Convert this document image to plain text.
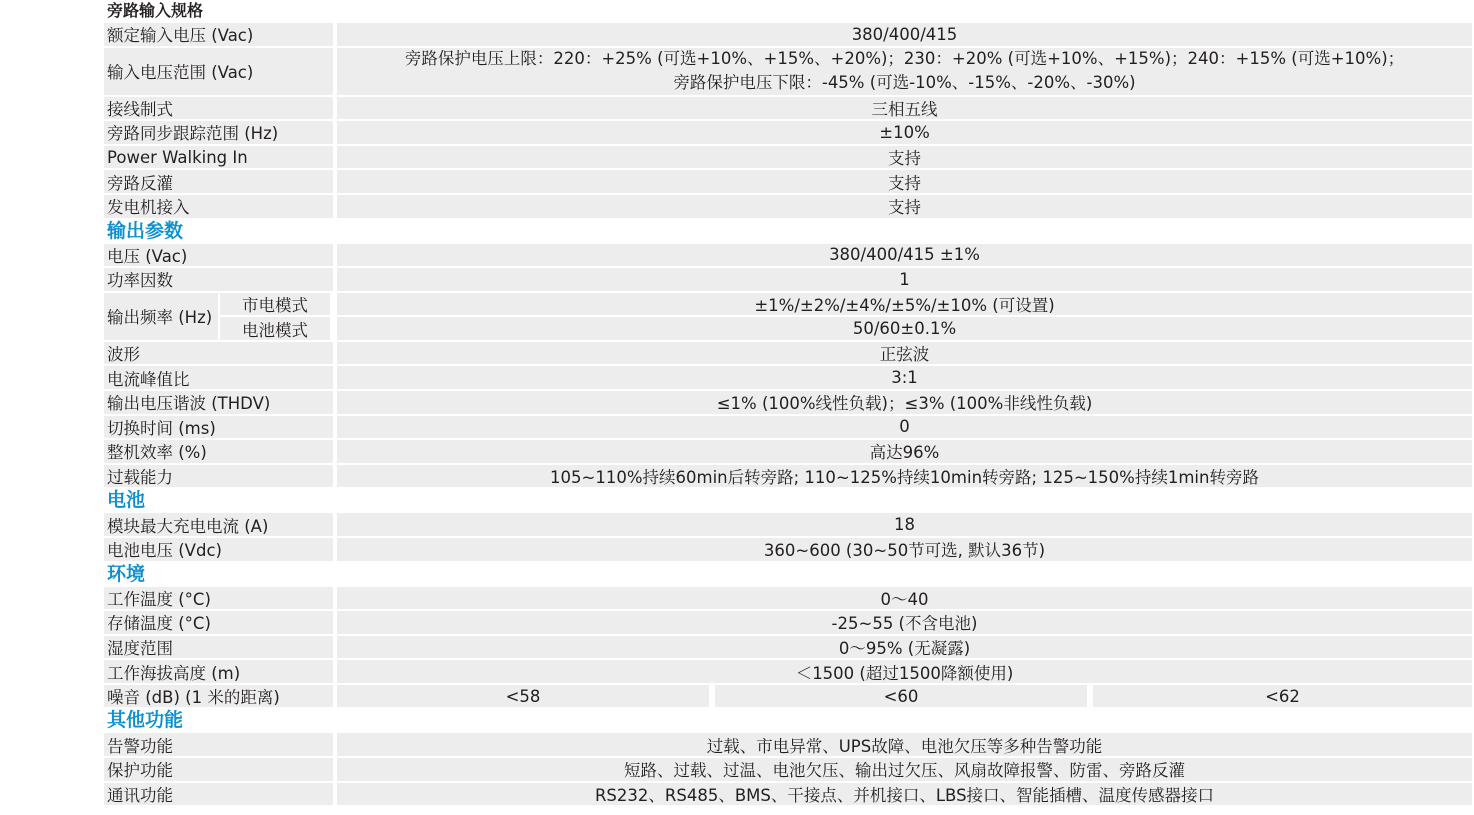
旁路输入规格
额定输入电压 (Vac)	380/400/415
输入电压范围 (Vac)
旁路保护电压上限：220：+25% (可选+10%、+15%、+20%)；230：+20% (可选+10%、+15%)；240：+15% (可选+10%)；
旁路保护电压下限：-45% (可选-10%、-15%、-20%、-30%)
接线制式	三相五线
旁路同步跟踪范围 (Hz)	±10%
Power Walking In	支持
旁路反灌	支持
发电机接入	支持
输出参数
电压 (Vac)	380/400/415 ±1%
功率因数	1
输出频率 (Hz)
市电模式	±1%/±2%/±4%/±5%/±10% (可设置)
电池模式	50/60±0.1%
波形	正弦波
电流峰值比	3:1
输出电压谐波 (THDV)	≤1% (100%线性负载)；≤3% (100%非线性负载)
切换时间 (ms)	0
整机效率 (%)	高达96%
过载能力	105~110%持续60min后转旁路; 110~125%持续10min转旁路; 125~150%持续1min转旁路
电池
模块最大充电电流 (A)	18
电池电压 (Vdc)	360~600 (30~50节可选, 默认36节)
环境
工作温度 (°C)	0～40
存储温度 (°C)	-25~55 (不含电池)
湿度范围	0～95% (无凝露)
工作海拔高度 (m)	＜1500 (超过1500降额使用)
噪音 (dB) (1 米的距离)	<58	<60	<62
其他功能
告警功能	过载、市电异常、UPS故障、电池欠压等多种告警功能
保护功能	短路、过载、过温、电池欠压、输出过欠压、风扇故障报警、防雷、旁路反灌
通讯功能	RS232、RS485、BMS、干接点、并机接口、LBS接口、智能插槽、温度传感器接口
